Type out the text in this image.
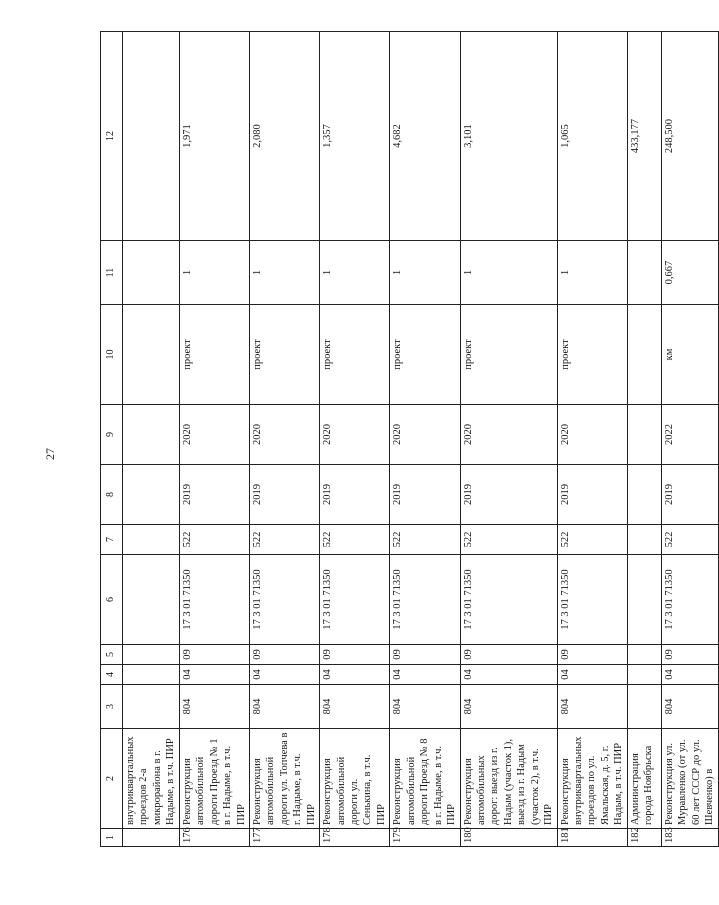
27
1	2	3	4	5	6	7	8	9	10	11	12
	внутриквартальных проездов 2-а микрорайона в г. Надыме, в т.ч. ПИР										
176	Реконструкция автомобильной дороги Проезд № 1 в г. Надыме, в т.ч. ПИР	804	04	09	17 3 01 71350	522	2019	2020	проект	1	1,971
177	Реконструкция автомобильной дороги ул. Топчева в г. Надыме, в т.ч. ПИР	804	04	09	17 3 01 71350	522	2019	2020	проект	1	2,080
178	Реконструкция автомобильной дороги ул. Сенькина, в т.ч. ПИР	804	04	09	17 3 01 71350	522	2019	2020	проект	1	1,357
179	Реконструкция автомобильной дороги Проезд № 8 в г. Надыме, в т.ч. ПИР	804	04	09	17 3 01 71350	522	2019	2020	проект	1	4,682
180	Реконструкция автомобильных дорог: выезд из г. Надым (участок 1), выезд из г. Надым (участок 2), в т.ч. ПИР	804	04	09	17 3 01 71350	522	2019	2020	проект	1	3,101
181	Реконструкция внутриквартальных проездов по ул. Ямальская, д. 5, г. Надым, в т.ч. ПИР	804	04	09	17 3 01 71350	522	2019	2020	проект	1	1,065
182	Администрация города Ноябрьска										433,177
183	Реконструкция ул. Муравленко (от ул. 60 лет СССР до ул. Шевченко) в	804	04	09	17 3 01 71350	522	2019	2022	км	0,667	248,500
